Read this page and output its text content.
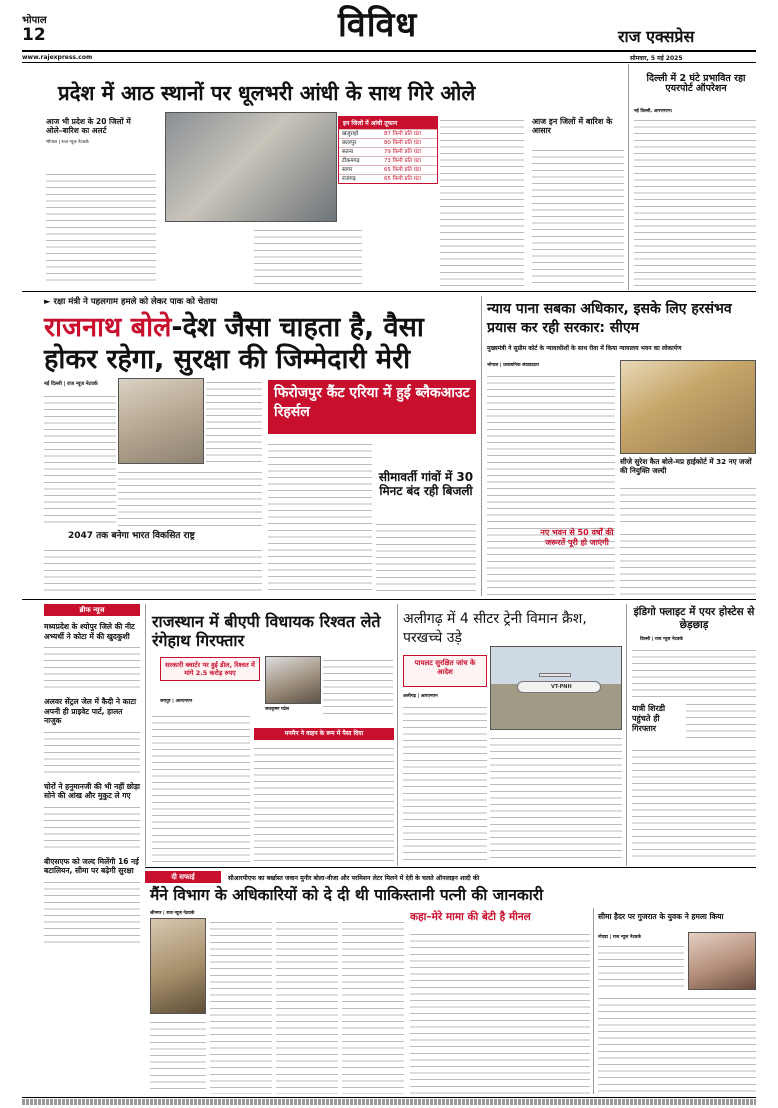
भोपाल
12	विविध	राज एक्सप्रेस
www.rajexpress.com	सोमवार, 5 मई 2025
प्रदेश में आठ स्थानों पर धूलभरी आंधी के साथ गिरे ओले
आज भी प्रदेश के 20 जिलों में ओले–बारिश का अलर्ट
भोपाल | राज न्यूज नेटवर्क
इन जिलों में आंधी तूफान
खजुराहो	87 किमी प्रति घंटा
छतरपुर	80 किमी प्रति घंटा
सतना	79 किमी प्रति घंटा
टीकमगढ़	73 किमी प्रति घंटा
सागर	65 किमी प्रति घंटा
राजगढ़	65 किमी प्रति घंटा
आज इन जिलों में बारिश के आसार
दिल्ली में 2 घंटे प्रभावित रहा एयरपोर्ट ऑपरेशन
नई दिल्ली, आरएनएन।
► रक्षा मंत्री ने पहलगाम हमले को लेकर पाक को चेताया
राजनाथ बोले-देश जैसा चाहता है, वैसा होकर रहेगा, सुरक्षा की जिम्मेदारी मेरी
नई दिल्ली | राज न्यूज नेटवर्क
2047 तक बनेगा भारत विकसित राष्ट्र
फिरोजपुर कैंट एरिया में हुई ब्लैकआउट रिहर्सल
सीमावर्ती गांवों में 30 मिनट बंद रही बिजली
न्याय पाना सबका अधिकार, इसके लिए हरसंभव प्रयास कर रही सरकार: सीएम
मुख्यमंत्री ने सुप्रीम कोर्ट के न्यायाधीशों के साथ रीवा में किया न्यायालय भवन का लोकार्पण
भोपाल | प्रशासनिक संवाददाता
सीजे सुरेश कैत बोले-मप्र हाईकोर्ट में 32 नए जजों की नियुक्ति जल्दी
नए भवन से 50 वर्षों की जरूरतें पूरी हो जाएंगी
ब्रीफ न्यूज
मध्यप्रदेश के श्योपुर जिले की नीट अभ्यर्थी ने कोटा में की खुदकुशी
अलवर सेंट्रल जेल में कैदी ने काटा अपनी ही प्राइवेट पार्ट, हालत नाजुक
चोरों ने हनुमानजी की भी नहीं छोड़ा सोने की आंख और मुकुट ले गए
बीएसएफ को जल्द मिलेंगी 16 नई बटालियन, सीमा पर बढ़ेगी सुरक्षा
राजस्थान में बीएपी विधायक रिश्वत लेते रंगेहाथ गिरफ्तार
सरकारी क्वार्टर पर हुई डील, रिश्वत में मांगे 2.5 करोड़ रुपए
जयपुर | आरएनएन
जयकृष्ण पटेल
मनमैन ने वाहन के रूम में पैसा दिया
अलीगढ़ में 4 सीटर ट्रेनी विमान क्रैश, परखच्चे उड़े
पायलट सुरक्षित जांच के आदेश
अलीगढ़ | आरएनएन
VT-PNH
इंडिगो फ्लाइट में एयर होस्टेस से छेड़छाड़
दिल्ली | राज न्यूज नेटवर्क
यात्री शिरडी पहुंचते ही गिरफ्तार
दी सफाई	सीआरपीएफ का बर्खास्त जवान मुनीर बोला-वीजा और परमिशन लेटर मिलने में देरी के चलते ऑनलाइन शादी की
मैंने विभाग के अधिकारियों को दे दी थी पाकिस्तानी पत्नी की जानकारी
श्रीनगर | राज न्यूज नेटवर्क	कहा–मेरे मामा की बेटी है मीनल	सीमा हैदर पर गुजरात के युवक ने हमला किया
नोएडा | राज न्यूज नेटवर्क
